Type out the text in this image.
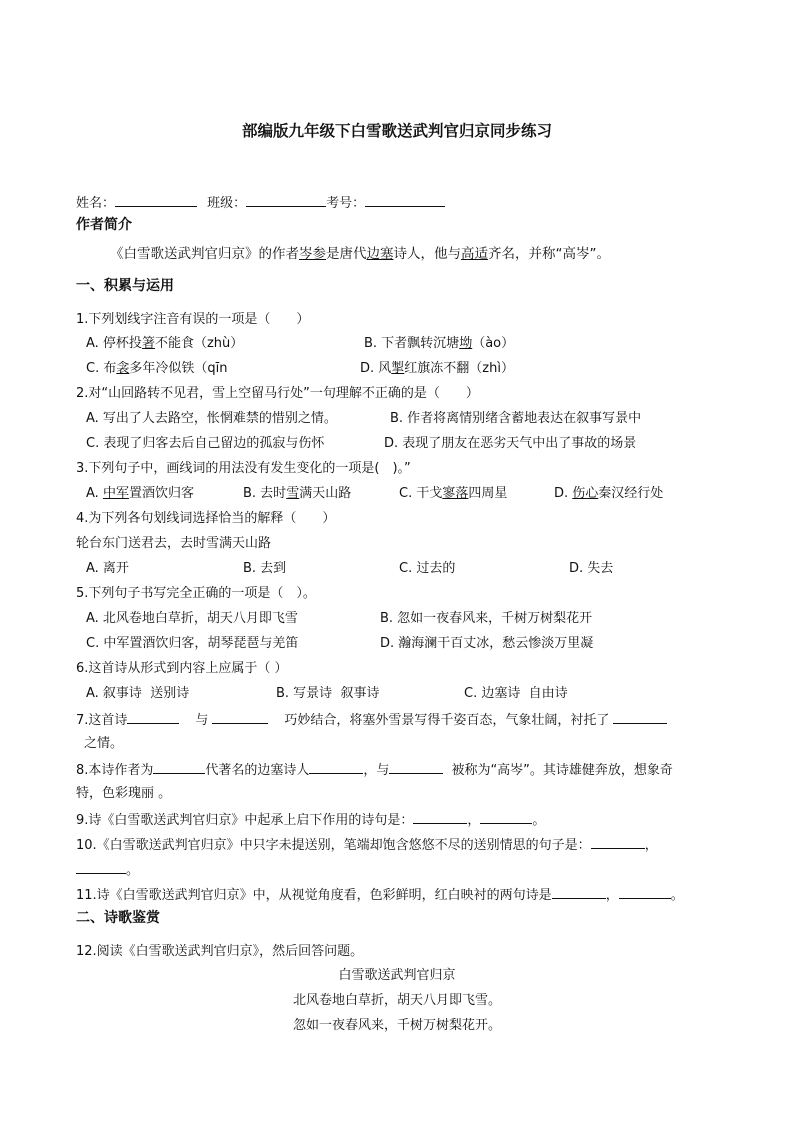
部编版九年级下白雪歌送武判官归京同步练习
姓名：	班级：	考号：
作者简介
《白雪歌送武判官归京》的作者岑参是唐代边塞诗人，他与高适齐名，并称“高岑”。
一、积累与运用
1.下列划线字注音有误的一项是（　　）
A. 停杯投箸不能食（zhù）	B. 下者飘转沉塘坳（ào）
C. 布衾多年冷似铁（qīn	D. 风掣红旗冻不翻（zhì）
2.对“山回路转不见君，雪上空留马行处”一句理解不正确的是（　　）
A. 写出了人去路空，怅惘难禁的惜别之情。	B. 作者将离情别绪含蓄地表达在叙事写景中
C. 表现了归客去后自己留边的孤寂与伤怀	D. 表现了朋友在恶劣天气中出了事故的场景
3.下列句子中，画线词的用法没有发生变化的一项是(　)。”
A. 中军置酒饮归客	B. 去时雪满天山路	C. 干戈寥落四周星	D. 伤心秦汉经行处
4.为下列各句划线词选择恰当的解释（　　）
轮台东门送君去，去时雪满天山路
A. 离开	B. 去到	C. 过去的	D. 失去
5.下列句子书写完全正确的一项是（　）。
A. 北风卷地白草折，胡天八月即飞雪	B. 忽如一夜春风来，千树万树梨花开
C. 中军置酒饮归客，胡琴琵琶与羌笛	D. 瀚海澜干百丈冰，愁云惨淡万里凝
6.这首诗从形式到内容上应属于（ ）
A. 叙事诗  送别诗	B. 写景诗  叙事诗	C. 边塞诗  自由诗
7.这首诗	与	巧妙结合，将塞外雪景写得千姿百态，气象壮阔，衬托了
之情。
8.本诗作者为	代著名的边塞诗人	，与	被称为“高岑”。其诗雄健奔放，想象奇
特，色彩瑰丽 。
9.诗《白雪歌送武判官归京》中起承上启下作用的诗句是：	，	。
10.《白雪歌送武判官归京》中只字未提送别，笔端却饱含悠悠不尽的送别情思的句子是：	，
。
11.诗《白雪歌送武判官归京》中，从视觉角度看，色彩鲜明，红白映衬的两句诗是	，	。
二、诗歌鉴赏
12.阅读《白雪歌送武判官归京》，然后回答问题。
白雪歌送武判官归京
北风卷地白草折，胡天八月即飞雪。
忽如一夜春风来，千树万树梨花开。
